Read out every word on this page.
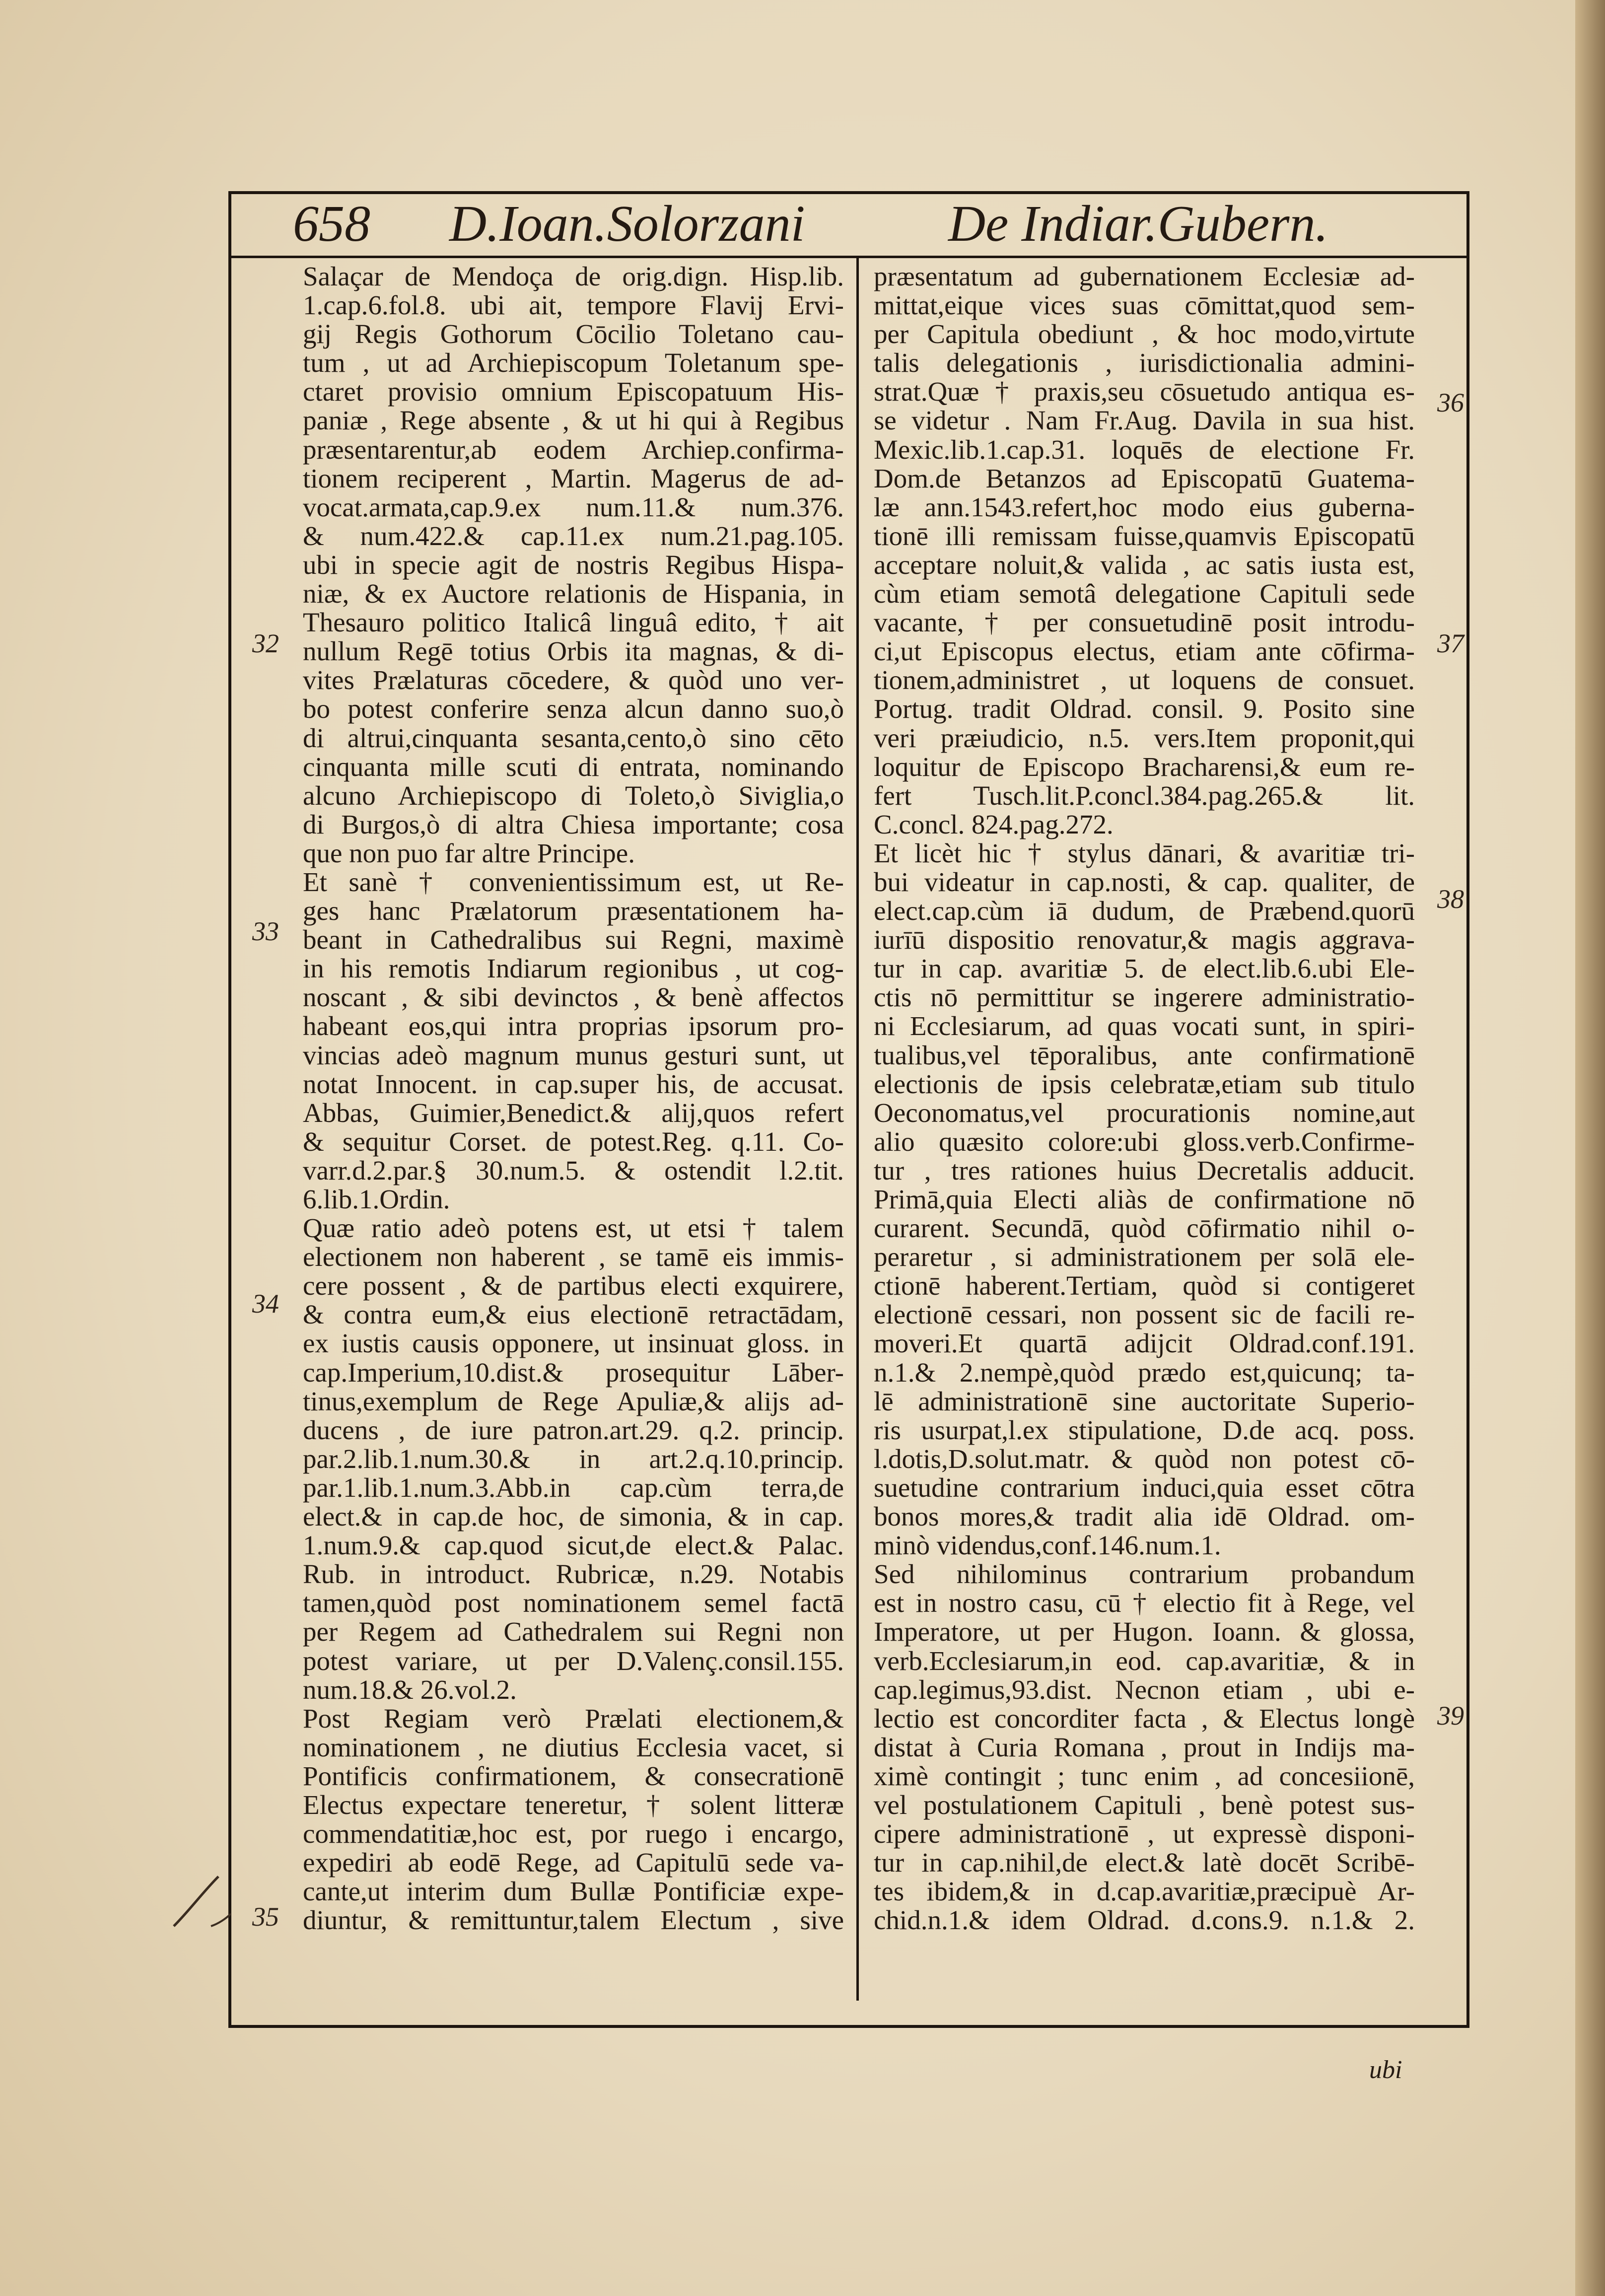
658 D.Ioan.Solorzani	De Indiar.Gubern.
Salaçar de Mendoça de orig.dign. Hisp.lib.
1.cap.6.fol.8. ubi ait, tempore Flavij Ervi-
gij Regis Gothorum Cōcilio Toletano cau-
tum , ut ad Archiepiscopum Toletanum spe-
ctaret provisio omnium Episcopatuum His-
paniæ , Rege absente , & ut hi qui à Regibus
præsentarentur,ab eodem Archiep.confirma-
tionem reciperent , Martin. Magerus de ad-
vocat.armata,cap.9.ex num.11.& num.376.
& num.422.& cap.11.ex num.21.pag.105.
ubi in specie agit de nostris Regibus Hispa-
niæ, & ex Auctore relationis de Hispania, in
Thesauro politico Italicâ linguâ edito, † ait
nullum Regē totius Orbis ita magnas, & di-
vites Prælaturas cōcedere, & quòd uno ver-
bo potest conferire senza alcun danno suo,ò
di altrui,cinquanta sesanta,cento,ò sino cēto
cinquanta mille scuti di entrata, nominando
alcuno Archiepiscopo di Toleto,ò Siviglia,o
di Burgos,ò di altra Chiesa importante; cosa
que non puo far altre Principe.
Et sanè † convenientissimum est, ut Re-
ges hanc Prælatorum præsentationem ha-
beant in Cathedralibus sui Regni, maximè
in his remotis Indiarum regionibus , ut cog-
noscant , & sibi devinctos , & benè affectos
habeant eos,qui intra proprias ipsorum pro-
vincias adeò magnum munus gesturi sunt, ut
notat Innocent. in cap.super his, de accusat.
Abbas, Guimier,Benedict.& alij,quos refert
& sequitur Corset. de potest.Reg. q.11. Co-
varr.d.2.par.§ 30.num.5. & ostendit l.2.tit.
6.lib.1.Ordin.
Quæ ratio adeò potens est, ut etsi † talem
electionem non haberent , se tamē eis immis-
cere possent , & de partibus electi exquirere,
& contra eum,& eius electionē retractādam,
ex iustis causis opponere, ut insinuat gloss. in
cap.Imperium,10.dist.& prosequitur Lāber-
tinus,exemplum de Rege Apuliæ,& alijs ad-
ducens , de iure patron.art.29. q.2. princip.
par.2.lib.1.num.30.& in art.2.q.10.princip.
par.1.lib.1.num.3.Abb.in cap.cùm terra,de
elect.& in cap.de hoc, de simonia, & in cap.
1.num.9.& cap.quod sicut,de elect.& Palac.
Rub. in introduct. Rubricæ, n.29. Notabis
tamen,quòd post nominationem semel factā
per Regem ad Cathedralem sui Regni non
potest variare, ut per D.Valenç.consil.155.
num.18.& 26.vol.2.
Post Regiam verò Prælati electionem,&
nominationem , ne diutius Ecclesia vacet, si
Pontificis confirmationem, & consecrationē
Electus expectare teneretur, † solent litteræ
commendatitiæ,hoc est, por ruego i encargo,
expediri ab eodē Rege, ad Capitulū sede va-
cante,ut interim dum Bullæ Pontificiæ expe-
diuntur, & remittuntur,talem Electum , sive
præsentatum ad gubernationem Ecclesiæ ad-
mittat,eique vices suas cōmittat,quod sem-
per Capitula obediunt , & hoc modo,virtute
talis delegationis , iurisdictionalia admini-
strat.Quæ † praxis,seu cōsuetudo antiqua es-
se videtur . Nam Fr.Aug. Davila in sua hist.
Mexic.lib.1.cap.31. loquēs de electione Fr.
Dom.de Betanzos ad Episcopatū Guatema-
læ ann.1543.refert,hoc modo eius guberna-
tionē illi remissam fuisse,quamvis Episcopatū
acceptare noluit,& valida , ac satis iusta est,
cùm etiam semotâ delegatione Capituli sede
vacante, † per consuetudinē posit introdu-
ci,ut Episcopus electus, etiam ante cōfirma-
tionem,administret , ut loquens de consuet.
Portug. tradit Oldrad. consil. 9. Posito sine
veri præiudicio, n.5. vers.Item proponit,qui
loquitur de Episcopo Bracharensi,& eum re-
fert Tusch.lit.P.concl.384.pag.265.& lit.
C.concl. 824.pag.272.
Et licèt hic † stylus dānari, & avaritiæ tri-
bui videatur in cap.nosti, & cap. qualiter, de
elect.cap.cùm iā dudum, de Præbend.quorū
iurīū dispositio renovatur,& magis aggrava-
tur in cap. avaritiæ 5. de elect.lib.6.ubi Ele-
ctis nō permittitur se ingerere administratio-
ni Ecclesiarum, ad quas vocati sunt, in spiri-
tualibus,vel tēporalibus, ante confirmationē
electionis de ipsis celebratæ,etiam sub titulo
Oeconomatus,vel procurationis nomine,aut
alio quæsito colore:ubi gloss.verb.Confirme-
tur , tres rationes huius Decretalis adducit.
Primā,quia Electi aliàs de confirmatione nō
curarent. Secundā, quòd cōfirmatio nihil o-
peraretur , si administrationem per solā ele-
ctionē haberent.Tertiam, quòd si contigeret
electionē cessari, non possent sic de facili re-
moveri.Et quartā adijcit Oldrad.conf.191.
n.1.& 2.nempè,quòd prædo est,quicunq; ta-
lē administrationē sine auctoritate Superio-
ris usurpat,l.ex stipulatione, D.de acq. poss.
l.dotis,D.solut.matr. & quòd non potest cō-
suetudine contrarium induci,quia esset cōtra
bonos mores,& tradit alia idē Oldrad. om-
minò videndus,conf.146.num.1.
Sed nihilominus contrarium probandum
est in nostro casu, cū † electio fit à Rege, vel
Imperatore, ut per Hugon. Ioann. & glossa,
verb.Ecclesiarum,in eod. cap.avaritiæ, & in
cap.legimus,93.dist. Necnon etiam , ubi e-
lectio est concorditer facta , & Electus longè
distat à Curia Romana , prout in Indijs ma-
ximè contingit ; tunc enim , ad concesiionē,
vel postulationem Capituli , benè potest sus-
cipere administrationē , ut expressè disponi-
tur in cap.nihil,de elect.& latè docēt Scribē-
tes ibidem,& in d.cap.avaritiæ,præcipuè Ar-
chid.n.1.& idem Oldrad. d.cons.9. n.1.& 2.
32
33
34
35
36
37
38
39
ubi
